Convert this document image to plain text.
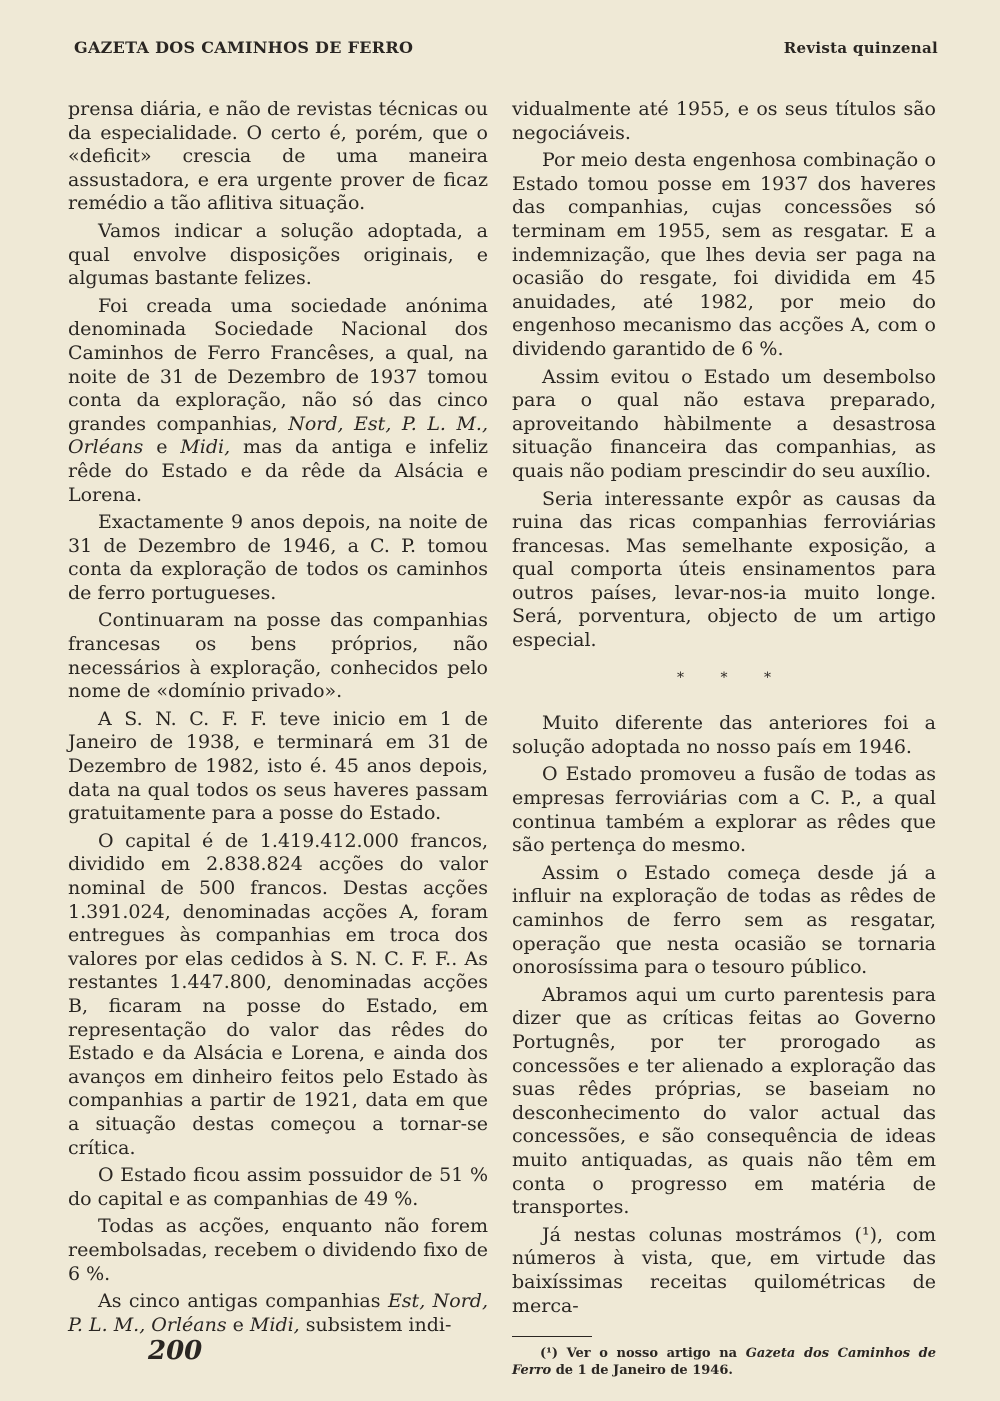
GAZETA DOS CAMINHOS DE FERRO	Revista quinzenal

prensa diária, e não de revistas técnicas ou da especialidade. O certo é, porém, que o «deficit» crescia de uma maneira assustadora, e era urgente prover de ficaz remédio a tão aflitiva situação.

Vamos indicar a solução adoptada, a qual envolve disposições originais, e algumas bastante felizes.

Foi creada uma sociedade anónima denominada Sociedade Nacional dos Caminhos de Ferro Francêses, a qual, na noite de 31 de Dezembro de 1937 tomou conta da exploração, não só das cinco grandes companhias, Nord, Est, P. L. M., Orléans e Midi, mas da antiga e infeliz rêde do Estado e da rêde da Alsácia e Lorena.

Exactamente 9 anos depois, na noite de 31 de Dezembro de 1946, a C. P. tomou conta da exploração de todos os caminhos de ferro portugueses.

Continuaram na posse das companhias francesas os bens próprios, não necessários à exploração, conhecidos pelo nome de «domínio privado».

A S. N. C. F. F. teve inicio em 1 de Janeiro de 1938, e terminará em 31 de Dezembro de 1982, isto é. 45 anos depois, data na qual todos os seus haveres passam gratuitamente para a posse do Estado.

O capital é de 1.419.412.000 francos, dividido em 2.838.824 acções do valor nominal de 500 francos. Destas acções 1.391.024, denominadas acções A, foram entregues às companhias em troca dos valores por elas cedidos à S. N. C. F. F.. As restantes 1.447.800, denominadas acções B, ficaram na posse do Estado, em representação do valor das rêdes do Estado e da Alsácia e Lorena, e ainda dos avanços em dinheiro feitos pelo Estado às companhias a partir de 1921, data em que a situação destas começou a tornar-se crítica.

O Estado ficou assim possuidor de 51 % do capital e as companhias de 49 %.

Todas as acções, enquanto não forem reembolsadas, recebem o dividendo fixo de 6 %.

As cinco antigas companhias Est, Nord, P. L. M., Orléans e Midi, subsistem indi-

vidualmente até 1955, e os seus títulos são negociáveis.

Por meio desta engenhosa combinação o Estado tomou posse em 1937 dos haveres das companhias, cujas concessões só terminam em 1955, sem as resgatar. E a indemnização, que lhes devia ser paga na ocasião do resgate, foi dividida em 45 anuidades, até 1982, por meio do engenhoso mecanismo das acções A, com o dividendo garantido de 6 %.

Assim evitou o Estado um desembolso para o qual não estava preparado, aproveitando hàbilmente a desastrosa situação financeira das companhias, as quais não podiam prescindir do seu auxílio.

Seria interessante expôr as causas da ruina das ricas companhias ferroviárias francesas. Mas semelhante exposição, a qual comporta úteis ensinamentos para outros países, levar-nos-ia muito longe. Será, porventura, objecto de um artigo especial.

* * *

Muito diferente das anteriores foi a solução adoptada no nosso país em 1946.

O Estado promoveu a fusão de todas as empresas ferroviárias com a C. P., a qual continua também a explorar as rêdes que são pertença do mesmo.

Assim o Estado começa desde já a influir na exploração de todas as rêdes de caminhos de ferro sem as resgatar, operação que nesta ocasião se tornaria onorosíssima para o tesouro público.

Abramos aqui um curto parentesis para dizer que as críticas feitas ao Governo Portugnês, por ter prorogado as concessões e ter alienado a exploração das suas rêdes próprias, se baseiam no desconhecimento do valor actual das concessões, e são consequência de ideas muito antiquadas, as quais não têm em conta o progresso em matéria de transportes.

Já nestas colunas mostrámos (¹), com números à vista, que, em virtude das baixíssimas receitas quilométricas de merca-

(¹) Ver o nosso artigo na Gazeta dos Caminhos de Ferro de 1 de Janeiro de 1946.
200
